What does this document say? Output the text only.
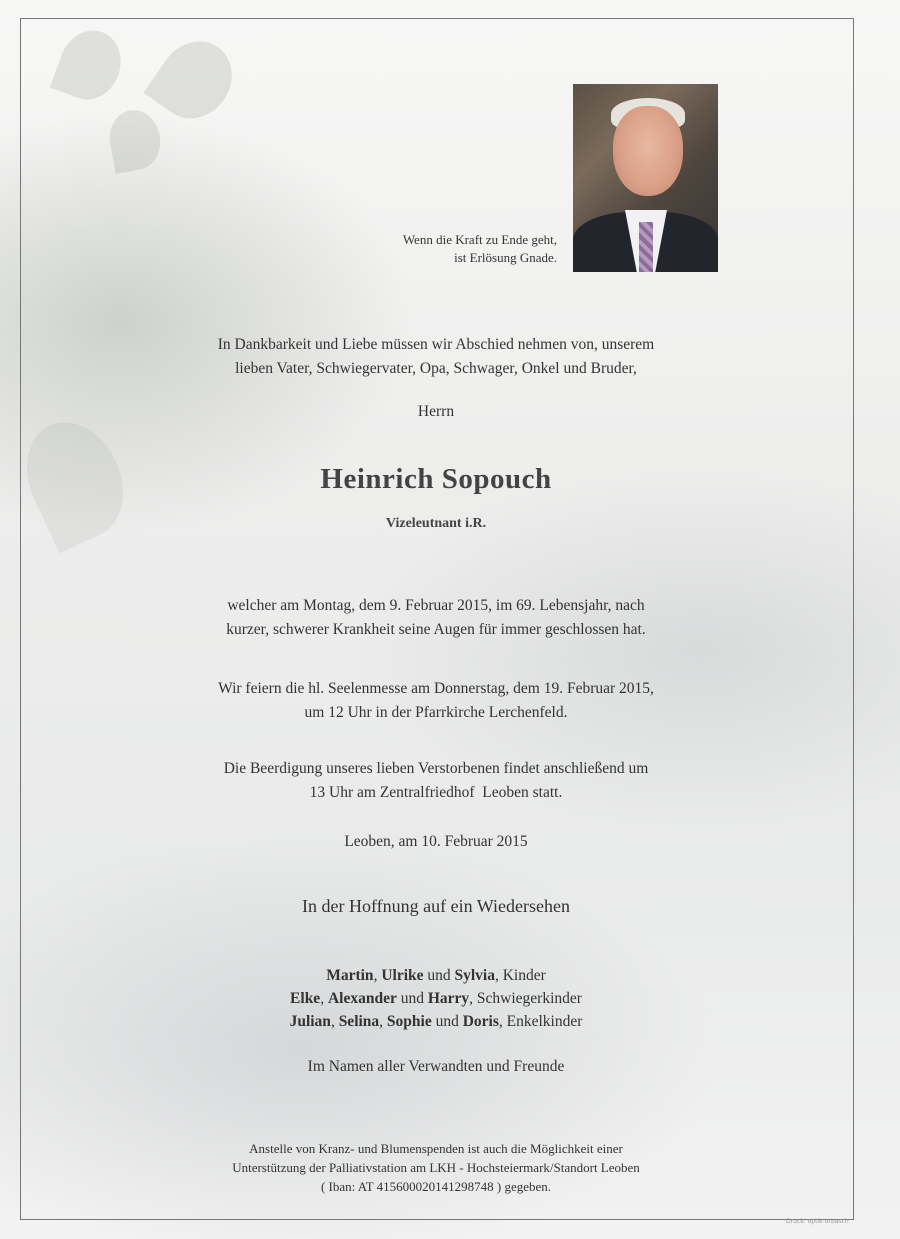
Wenn die Kraft zu Ende geht,
ist Erlösung Gnade.
In Dankbarkeit und Liebe müssen wir Abschied nehmen von, unserem
lieben Vater, Schwiegervater, Opa, Schwager, Onkel und Bruder,
Herrn
Heinrich Sopouch
Vizeleutnant i.R.
welcher am Montag, dem 9. Februar 2015, im 69. Lebensjahr, nach
kurzer, schwerer Krankheit seine Augen für immer geschlossen hat.
Wir feiern die hl. Seelenmesse am Donnerstag, dem 19. Februar 2015,
um 12 Uhr in der Pfarrkirche Lerchenfeld.
Die Beerdigung unseres lieben Verstorbenen findet anschließend um
13 Uhr am Zentralfriedhof  Leoben statt.
Leoben, am 10. Februar 2015
In der Hoffnung auf ein Wiedersehen
Martin, Ulrike und Sylvia, Kinder
Elke, Alexander und Harry, Schwiegerkinder
Julian, Selina, Sophie und Doris, Enkelkinder
Im Namen aller Verwandten und Freunde
Anstelle von Kranz- und Blumenspenden ist auch die Möglichkeit einer
Unterstützung der Palliativstation am LKH - Hochsteiermark/Standort Leoben
( Iban: AT 415600020141298748 ) gegeben.
Druck: optik-urbasch
